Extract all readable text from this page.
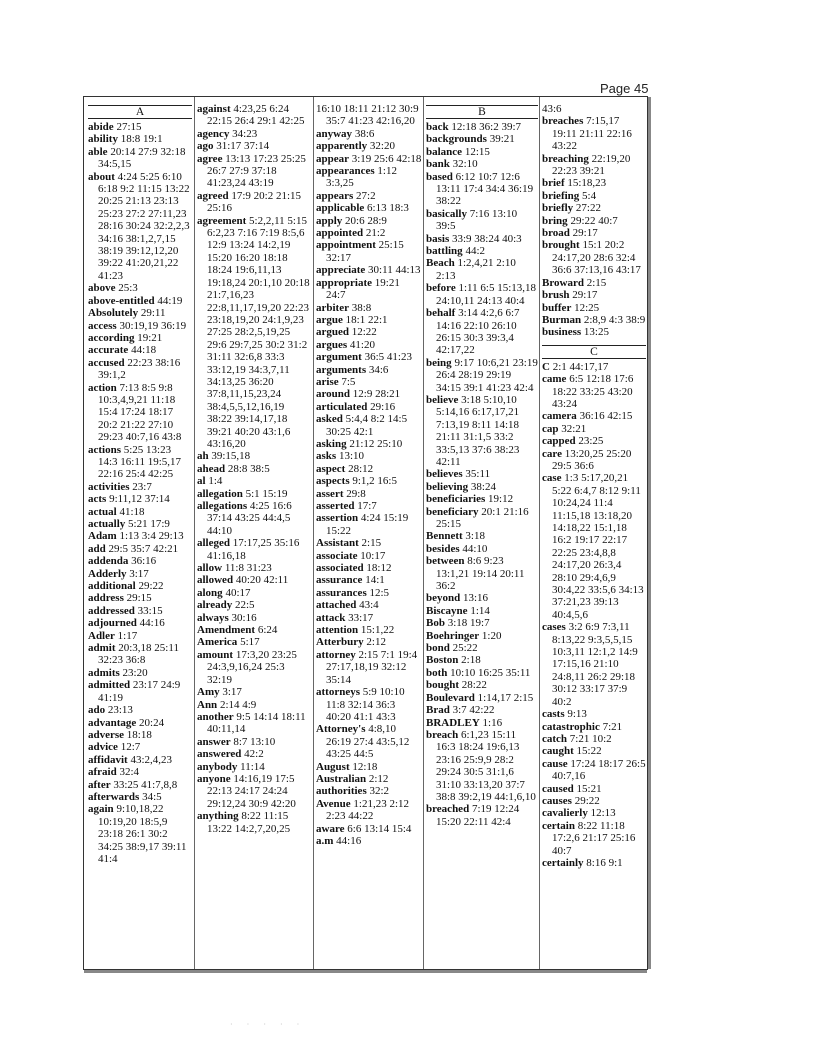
Page 45
A
abide 27:15
ability 18:8 19:1
able 20:14 27:9 32:18 34:5,15
about 4:24 5:25 6:10 6:18 9:2 11:15 13:22 20:25 21:13 23:13 25:23 27:2 27:11,23 28:16 30:24 32:2,2,3 34:16 38:1,2,7,15 38:19 39:12,12,20 39:22 41:20,21,22 41:23
above 25:3
above-entitled 44:19
Absolutely 29:11
access 30:19,19 36:19
according 19:21
accurate 44:18
accused 22:23 38:16 39:1,2
action 7:13 8:5 9:8 10:3,4,9,21 11:18 15:4 17:24 18:17 20:2 21:22 27:10 29:23 40:7,16 43:8
actions 5:25 13:23 14:3 16:11 19:5,17 22:16 25:4 42:25
activities 23:7
acts 9:11,12 37:14
actual 41:18
actually 5:21 17:9
Adam 1:13 3:4 29:13
add 29:5 35:7 42:21
addenda 36:16
Adderly 3:17
additional 29:22
address 29:15
addressed 33:15
adjourned 44:16
Adler 1:17
admit 20:3,18 25:11 32:23 36:8
admits 23:20
admitted 23:17 24:9 41:19
ado 23:13
advantage 20:24
adverse 18:18
advice 12:7
affidavit 43:2,4,23
afraid 32:4
after 33:25 41:7,8,8
afterwards 34:5
again 9:10,18,22 10:19,20 18:5,9 23:18 26:1 30:2 34:25 38:9,17 39:11 41:4
against 4:23,25 6:24 22:15 26:4 29:1 42:25
agency 34:23
ago 31:17 37:14
agree 13:13 17:23 25:25 26:7 27:9 37:18 41:23,24 43:19
agreed 17:9 20:2 21:15 25:16
agreement 5:2,2,11 5:15 6:2,23 7:16 7:19 8:5,6 12:9 13:24 14:2,19 15:20 16:20 18:18 18:24 19:6,11,13 19:18,24 20:1,10 20:18 21:7,16,23 22:8,11,17,19,20 22:23 23:18,19,20 24:1,9,23 27:25 28:2,5,19,25 29:6 29:7,25 30:2 31:2 31:11 32:6,8 33:3 33:12,19 34:3,7,11 34:13,25 36:20 37:8,11,15,23,24 38:4,5,5,12,16,19 38:22 39:14,17,18 39:21 40:20 43:1,6 43:16,20
ah 39:15,18
ahead 28:8 38:5
al 1:4
allegation 5:1 15:19
allegations 4:25 16:6 37:14 43:25 44:4,5 44:10
alleged 17:17,25 35:16 41:16,18
allow 11:8 31:23
allowed 40:20 42:11
along 40:17
already 22:5
always 30:16
Amendment 6:24
America 5:17
amount 17:3,20 23:25 24:3,9,16,24 25:3 32:19
Amy 3:17
Ann 2:14 4:9
another 9:5 14:14 18:11 40:11,14
answer 8:7 13:10
answered 42:2
anybody 11:14
anyone 14:16,19 17:5 22:13 24:17 24:24 29:12,24 30:9 42:20
anything 8:22 11:15 13:22 14:2,7,20,25
16:10 18:11 21:12 30:9 35:7 41:23 42:16,20
anyway 38:6
apparently 32:20
appear 3:19 25:6 42:18
appearances 1:12 3:3,25
appears 27:2
applicable 6:13 18:3
apply 20:6 28:9
appointed 21:2
appointment 25:15 32:17
appreciate 30:11 44:13
appropriate 19:21 24:7
arbiter 38:8
argue 18:1 22:1
argued 12:22
argues 41:20
argument 36:5 41:23
arguments 34:6
arise 7:5
around 12:9 28:21
articulated 29:16
asked 5:4,4 8:2 14:5 30:25 42:1
asking 21:12 25:10
asks 13:10
aspect 28:12
aspects 9:1,2 16:5
assert 29:8
asserted 17:7
assertion 4:24 15:19 15:22
Assistant 2:15
associate 10:17
associated 18:12
assurance 14:1
assurances 12:5
attached 43:4
attack 33:17
attention 15:1,22
Atterbury 2:12
attorney 2:15 7:1 19:4 27:17,18,19 32:12 35:14
attorneys 5:9 10:10 11:8 32:14 36:3 40:20 41:1 43:3
Attorney's 4:8,10 26:19 27:4 43:5,12 43:25 44:5
August 12:18
Australian 2:12
authorities 32:2
Avenue 1:21,23 2:12 2:23 44:22
aware 6:6 13:14 15:4
a.m 44:16
B
back 12:18 36:2 39:7
backgrounds 39:21
balance 12:15
bank 32:10
based 6:12 10:7 12:6 13:11 17:4 34:4 36:19 38:22
basically 7:16 13:10 39:5
basis 33:9 38:24 40:3
battling 44:2
Beach 1:2,4,21 2:10 2:13
before 1:11 6:5 15:13,18 24:10,11 24:13 40:4
behalf 3:14 4:2,6 6:7 14:16 22:10 26:10 26:15 30:3 39:3,4 42:17,22
being 9:17 10:6,21 23:19 26:4 28:19 29:19 34:15 39:1 41:23 42:4
believe 3:18 5:10,10 5:14,16 6:17,17,21 7:13,19 8:11 14:18 21:11 31:1,5 33:2 33:5,13 37:6 38:23 42:11
believes 35:11
believing 38:24
beneficiaries 19:12
beneficiary 20:1 21:16 25:15
Bennett 3:18
besides 44:10
between 8:6 9:23 13:1,21 19:14 20:11 36:2
beyond 13:16
Biscayne 1:14
Bob 3:18 19:7
Boehringer 1:20
bond 25:22
Boston 2:18
both 10:10 16:25 35:11
bought 28:22
Boulevard 1:14,17 2:15
Brad 3:7 42:22
BRADLEY 1:16
breach 6:1,23 15:11 16:3 18:24 19:6,13 23:16 25:9,9 28:2 29:24 30:5 31:1,6 31:10 33:13,20 37:7 38:8 39:2,19 44:1,6,10
breached 7:19 12:24 15:20 22:11 42:4
43:6
breaches 7:15,17 19:11 21:11 22:16 43:22
breaching 22:19,20 22:23 39:21
brief 15:18,23
briefing 5:4
briefly 27:22
bring 29:22 40:7
broad 29:17
brought 15:1 20:2 24:17,20 28:6 32:4 36:6 37:13,16 43:17
Broward 2:15
brush 29:17
buffer 12:25
Burman 2:8,9 4:3 38:9
business 13:25
C
C 2:1 44:17,17
came 6:5 12:18 17:6 18:22 33:25 43:20 43:24
camera 36:16 42:15
cap 32:21
capped 23:25
care 13:20,25 25:20 29:5 36:6
case 1:3 5:17,20,21 5:22 6:4,7 8:12 9:11 10:24,24 11:4 11:15,18 13:18,20 14:18,22 15:1,18 16:2 19:17 22:17 22:25 23:4,8,8 24:17,20 26:3,4 28:10 29:4,6,9 30:4,22 33:5,6 34:13 37:21,23 39:13 40:4,5,6
cases 3:2 6:9 7:3,11 8:13,22 9:3,5,5,15 10:3,11 12:1,2 14:9 17:15,16 21:10 24:8,11 26:2 29:18 30:12 33:17 37:9 40:2
casts 9:13
catastrophic 7:21
catch 7:21 10:2
caught 15:22
cause 17:24 18:17 26:5 40:7,16
caused 15:21
causes 29:22
cavalierly 12:13
certain 8:22 11:18 17:2,6 21:17 25:16 40:7
certainly 8:16 9:1
· · · · ·
